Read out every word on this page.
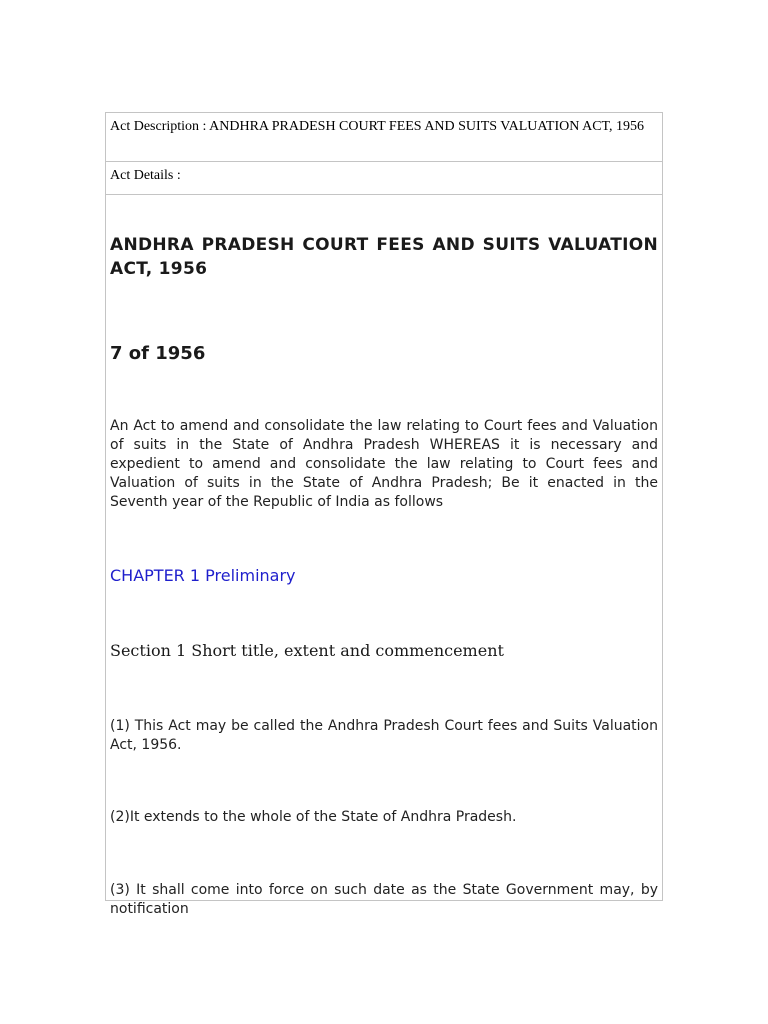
Act Description : ANDHRA PRADESH COURT FEES AND SUITS VALUATION ACT, 1956
Act Details :

ANDHRA PRADESH COURT FEES AND SUITS VALUATION ACT, 1956
7 of 1956

An Act to amend and consolidate the law relating to Court fees and Valuation of suits in the State of Andhra Pradesh WHEREAS it is necessary and expedient to amend and consolidate the law relating to Court fees and Valuation of suits in the State of Andhra Pradesh; Be it enacted in the Seventh year of the Republic of India as follows

CHAPTER 1 Preliminary
Section 1 Short title, extent and commencement

(1) This Act may be called the Andhra Pradesh Court fees and Suits Valuation Act, 1956.

(2)It extends to the whole of the State of Andhra Pradesh.

(3) It shall come into force on such date as the State Government may, by notification
